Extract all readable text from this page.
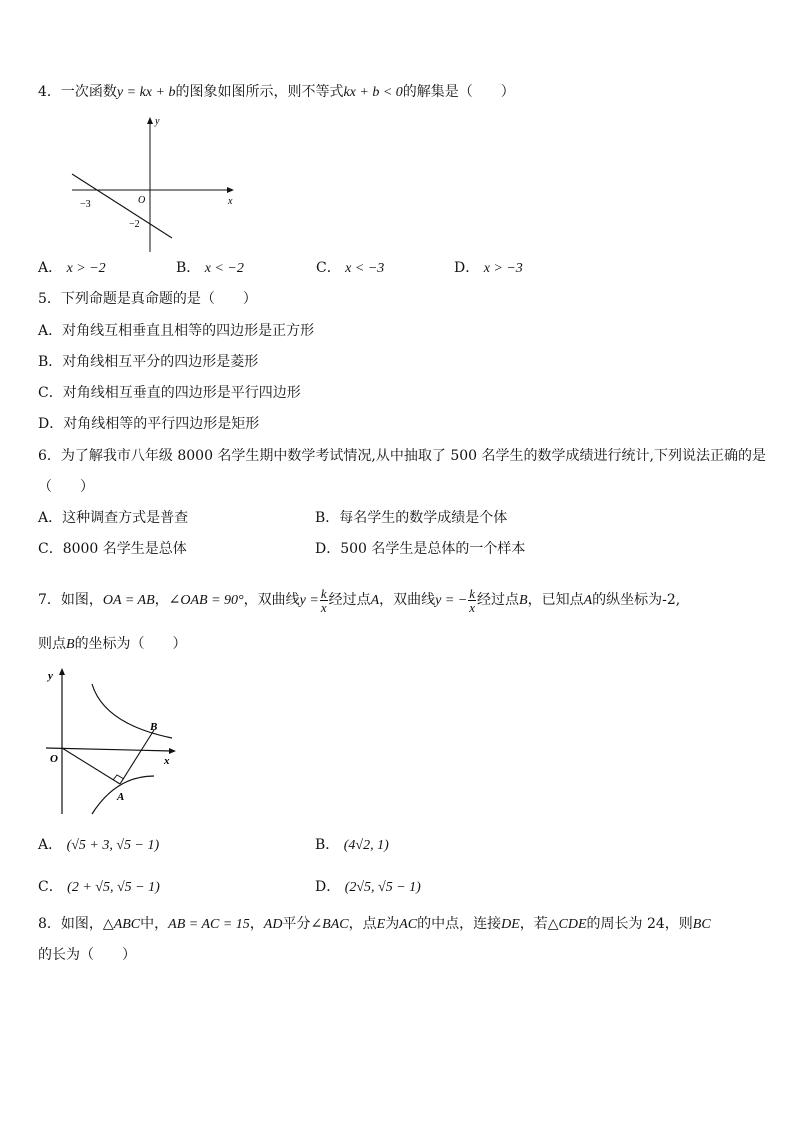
4．一次函数y = kx + b的图象如图所示，则不等式kx + b < 0的解集是（　　）
y
x
O
−3
−2
A． x > −2	B． x < −2	C． x < −3	D． x > −3
5．下列命题是真命题的是（　　）
A．对角线互相垂直且相等的四边形是正方形
B．对角线相互平分的四边形是菱形
C．对角线相互垂直的四边形是平行四边形
D．对角线相等的平行四边形是矩形
6．为了解我市八年级 8000 名学生期中数学考试情况,从中抽取了 500 名学生的数学成绩进行统计,下列说法正确的是
（　　）
A．这种调查方式是普查	B．每名学生的数学成绩是个体
C．8000 名学生是总体	D．500 名学生是总体的一个样本
7．如图，OA = AB，∠OAB = 90°，双曲线$y = \frac{k}{x}$ 经过点A，双曲线y = − $\frac{k}{x}$ 经过点B，已知点A的纵坐标为-2,
则点B的坐标为（　　）
y
x
O
A
B
A． (√5 + 3, √5 − 1)	B． (4√2, 1)
C． (2 + √5, √5 − 1)	D． (2√5, √5 − 1)
8．如图，△ABC中，AB = AC = 15，AD平分∠BAC，点E为AC的中点，连接DE，若△CDE的周长为 24，则BC
的长为（　　）
